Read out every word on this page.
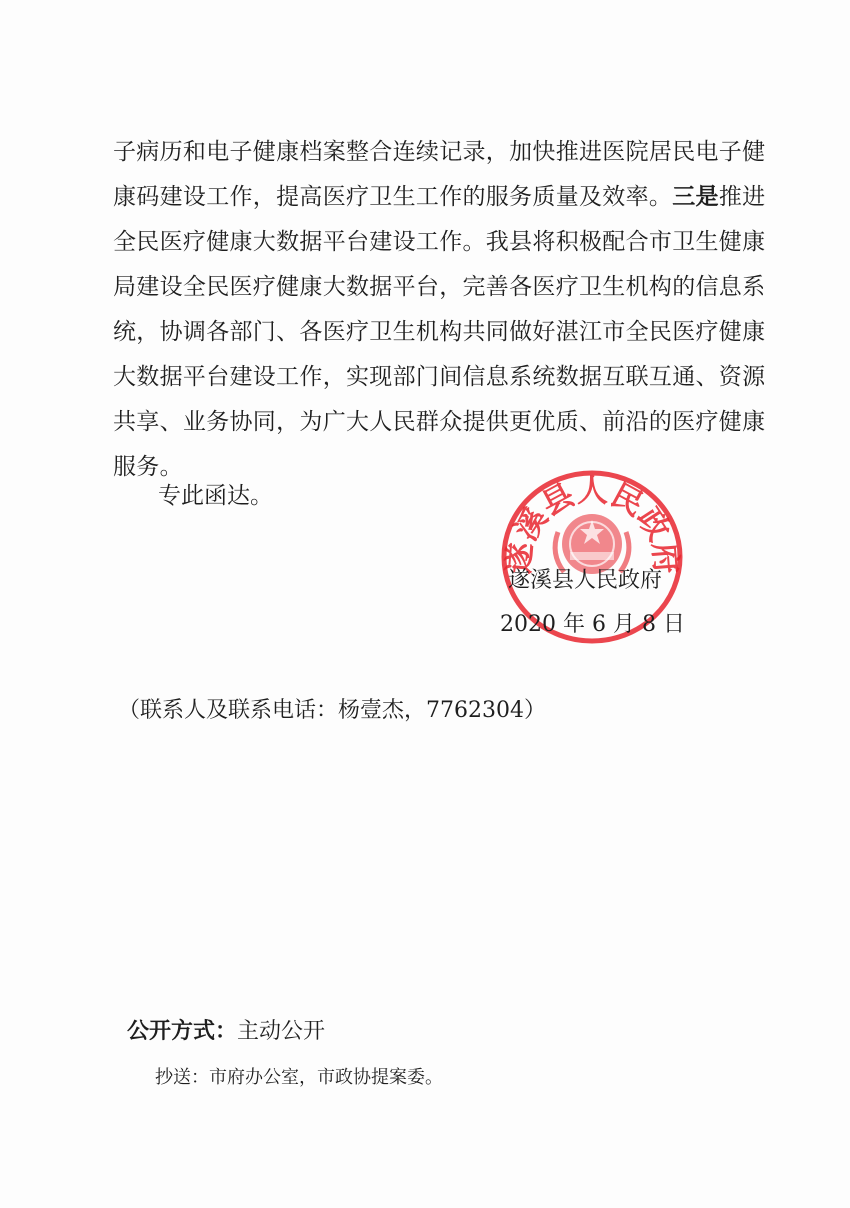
子病历和电子健康档案整合连续记录，加快推进医院居民电子健
康码建设工作，提高医疗卫生工作的服务质量及效率。三是推进
全民医疗健康大数据平台建设工作。我县将积极配合市卫生健康
局建设全民医疗健康大数据平台，完善各医疗卫生机构的信息系
统，协调各部门、各医疗卫生机构共同做好湛江市全民医疗健康
大数据平台建设工作，实现部门间信息系统数据互联互通、资源
共享、业务协同，为广大人民群众提供更优质、前沿的医疗健康
服务。
专此函达。
遂溪县人民政府
遂溪县人民政府
2020 年 6 月 8 日
（联系人及联系电话：杨壹杰，7762304）
公开方式：主动公开
抄送：市府办公室，市政协提案委。
